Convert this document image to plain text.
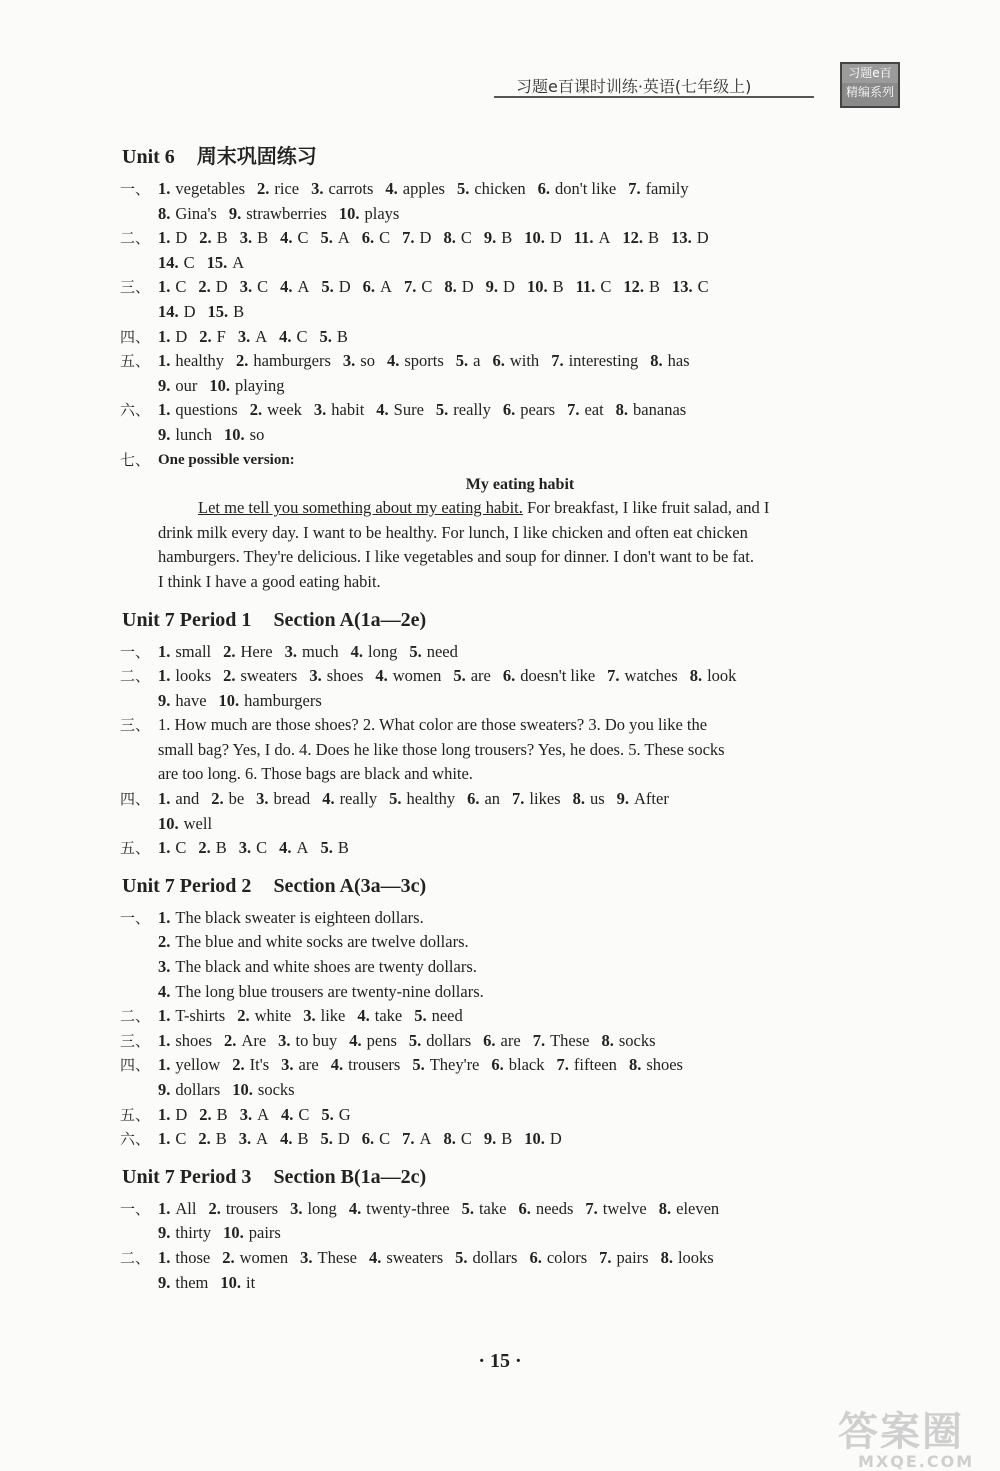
习题e百课时训练·英语(七年级上)
习题e百
精编系列
Unit 6 周末巩固练习
一、 1. vegetables 2. rice 3. carrots 4. apples 5. chicken 6. don't like 7. family
8. Gina's 9. strawberries 10. plays
二、 1. D 2. B 3. B 4. C 5. A 6. C 7. D 8. C 9. B 10. D 11. A 12. B 13. D
14. C 15. A
三、 1. C 2. D 3. C 4. A 5. D 6. A 7. C 8. D 9. D 10. B 11. C 12. B 13. C
14. D 15. B
四、 1. D 2. F 3. A 4. C 5. B
五、 1. healthy 2. hamburgers 3. so 4. sports 5. a 6. with 7. interesting 8. has
9. our 10. playing
六、 1. questions 2. week 3. habit 4. Sure 5. really 6. pears 7. eat 8. bananas
9. lunch 10. so
七、 One possible version:
My eating habit

Let me tell you something about my eating habit. For breakfast, I like fruit salad, and I

drink milk every day. I want to be healthy. For lunch, I like chicken and often eat chicken

hamburgers. They're delicious. I like vegetables and soup for dinner. I don't want to be fat.

I think I have a good eating habit.

Unit 7 Period 1 Section A(1a—2e)
一、 1. small 2. Here 3. much 4. long 5. need
二、 1. looks 2. sweaters 3. shoes 4. women 5. are 6. doesn't like 7. watches 8. look
9. have 10. hamburgers
三、 1. How much are those shoes? 2. What color are those sweaters? 3. Do you like the
small bag? Yes, I do. 4. Does he like those long trousers? Yes, he does. 5. These socks
are too long. 6. Those bags are black and white.
四、 1. and 2. be 3. bread 4. really 5. healthy 6. an 7. likes 8. us 9. After
10. well
五、 1. C 2. B 3. C 4. A 5. B
Unit 7 Period 2 Section A(3a—3c)
一、 1. The black sweater is eighteen dollars.
2. The blue and white socks are twelve dollars.
3. The black and white shoes are twenty dollars.
4. The long blue trousers are twenty-nine dollars.
二、 1. T-shirts 2. white 3. like 4. take 5. need
三、 1. shoes 2. Are 3. to buy 4. pens 5. dollars 6. are 7. These 8. socks
四、 1. yellow 2. It's 3. are 4. trousers 5. They're 6. black 7. fifteen 8. shoes
9. dollars 10. socks
五、 1. D 2. B 3. A 4. C 5. G
六、 1. C 2. B 3. A 4. B 5. D 6. C 7. A 8. C 9. B 10. D
Unit 7 Period 3 Section B(1a—2c)
一、 1. All 2. trousers 3. long 4. twenty-three 5. take 6. needs 7. twelve 8. eleven
9. thirty 10. pairs
二、 1. those 2. women 3. These 4. sweaters 5. dollars 6. colors 7. pairs 8. looks
9. them 10. it
· 15 ·
答案圈
MXQE.COM
